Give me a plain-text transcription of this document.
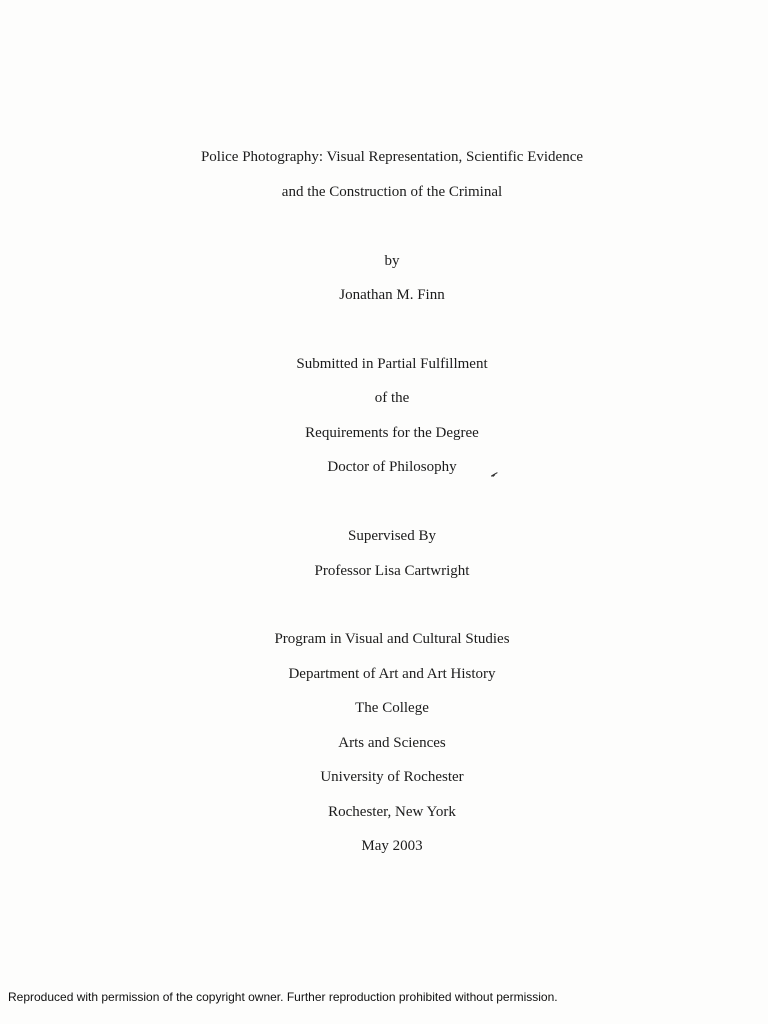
Police Photography: Visual Representation, Scientific Evidence
and the Construction of the Criminal
by
Jonathan M. Finn
Submitted in Partial Fulfillment
of the
Requirements for the Degree
Doctor of Philosophy
Supervised By
Professor Lisa Cartwright
Program in Visual and Cultural Studies
Department of Art and Art History
The College
Arts and Sciences
University of Rochester
Rochester, New York
May 2003
Reproduced with permission of the copyright owner. Further reproduction prohibited without permission.
